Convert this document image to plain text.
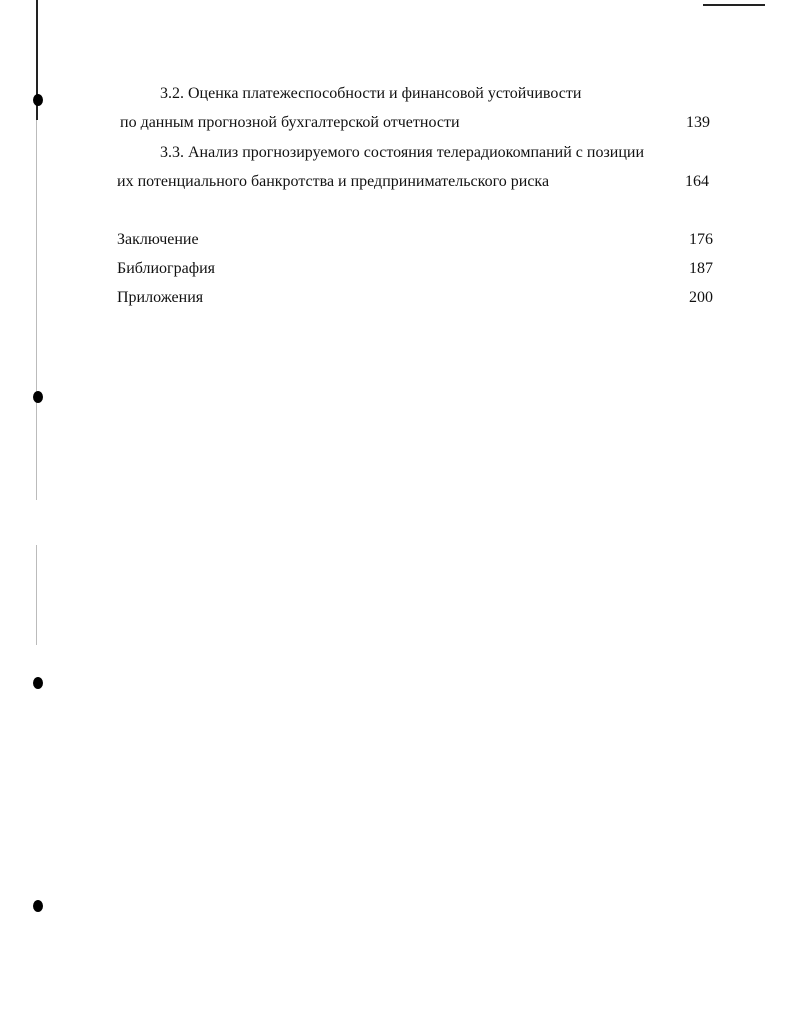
3.2. Оценка платежеспособности и финансовой устойчивости
по данным прогнозной бухгалтерской отчетности	139
3.3. Анализ прогнозируемого состояния телерадиокомпаний с позиции
их потенциального банкротства и предпринимательского риска	164
Заключение	176
Библиография	187
Приложения	200
